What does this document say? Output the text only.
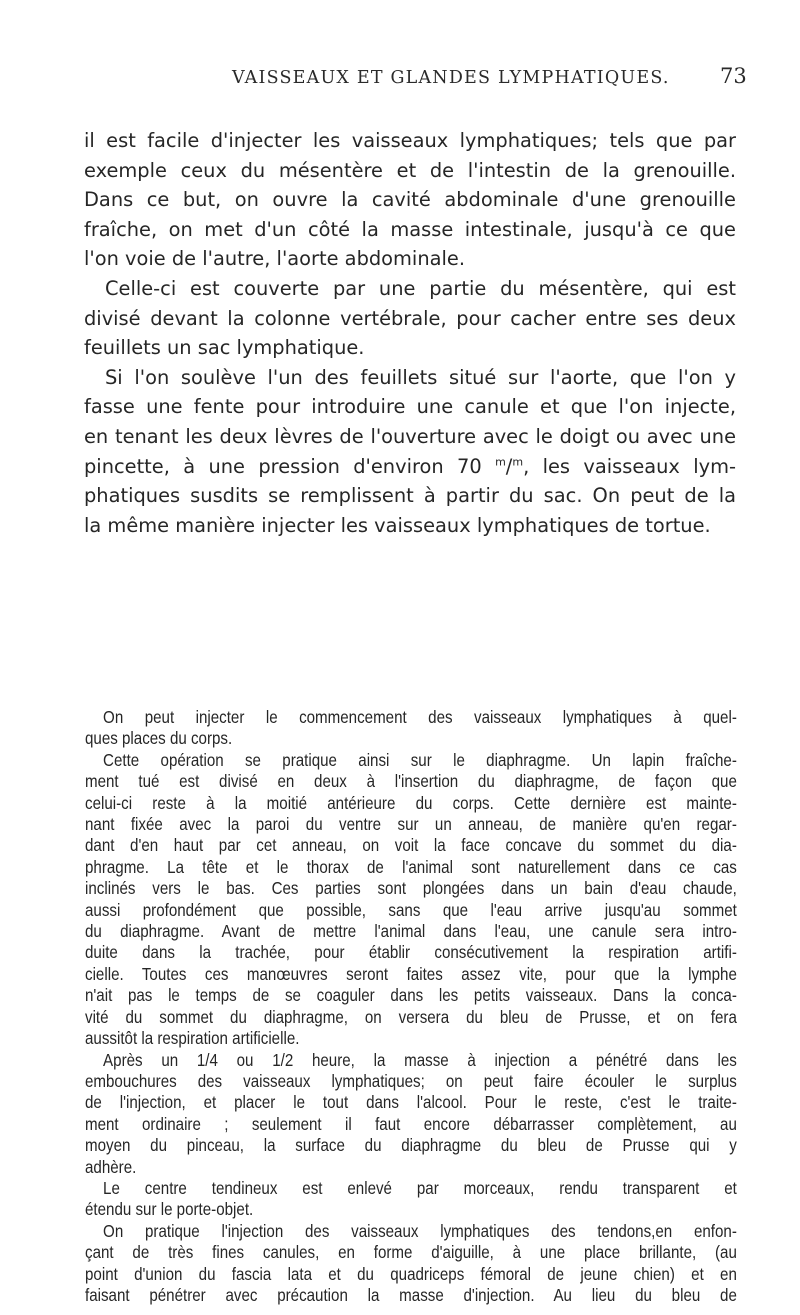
VAISSEAUX ET GLANDES LYMPHATIQUES. 73
il est facile d'injecter les vaisseaux lymphatiques; tels que par
exemple ceux du mésentère et de l'intestin de la grenouille.
Dans ce but, on ouvre la cavité abdominale d'une grenouille
fraîche, on met d'un côté la masse intestinale, jusqu'à ce que
l'on voie de l'autre, l'aorte abdominale.
Celle-ci est couverte par une partie du mésentère, qui est
divisé devant la colonne vertébrale, pour cacher entre ses deux
feuillets un sac lymphatique.
Si l'on soulève l'un des feuillets situé sur l'aorte, que l'on y
fasse une fente pour introduire une canule et que l'on injecte,
en tenant les deux lèvres de l'ouverture avec le doigt ou avec une
pincette, à une pression d'environ 70 $^m$/$^m$, les vaisseaux lym-
phatiques susdits se remplissent à partir du sac. On peut de la
la même manière injecter les vaisseaux lymphatiques de tortue.
On peut injecter le commencement des vaisseaux lymphatiques à quel-
ques places du corps.
Cette opération se pratique ainsi sur le diaphragme. Un lapin fraîche-
ment tué est divisé en deux à l'insertion du diaphragme, de façon que
celui-ci reste à la moitié antérieure du corps. Cette dernière est mainte-
nant fixée avec la paroi du ventre sur un anneau, de manière qu'en regar-
dant d'en haut par cet anneau, on voit la face concave du sommet du dia-
phragme. La tête et le thorax de l'animal sont naturellement dans ce cas
inclinés vers le bas. Ces parties sont plongées dans un bain d'eau chaude,
aussi profondément que possible, sans que l'eau arrive jusqu'au sommet
du diaphragme. Avant de mettre l'animal dans l'eau, une canule sera intro-
duite dans la trachée, pour établir consécutivement la respiration artifi-
cielle. Toutes ces manœuvres seront faites assez vite, pour que la lymphe
n'ait pas le temps de se coaguler dans les petits vaisseaux. Dans la conca-
vité du sommet du diaphragme, on versera du bleu de Prusse, et on fera
aussitôt la respiration artificielle.
Après un 1/4 ou 1/2 heure, la masse à injection a pénétré dans les
embouchures des vaisseaux lymphatiques; on peut faire écouler le surplus
de l'injection, et placer le tout dans l'alcool. Pour le reste, c'est le traite-
ment ordinaire ; seulement il faut encore débarrasser complètement, au
moyen du pinceau, la surface du diaphragme du bleu de Prusse qui y
adhère.
Le centre tendineux est enlevé par morceaux, rendu transparent et
étendu sur le porte-objet.
On pratique l'injection des vaisseaux lymphatiques des tendons,en enfon-
çant de très fines canules, en forme d'aiguille, à une place brillante, (au
point d'union du fascia lata et du quadriceps fémoral de jeune chien) et en
faisant pénétrer avec précaution la masse d'injection. Au lieu du bleu de
